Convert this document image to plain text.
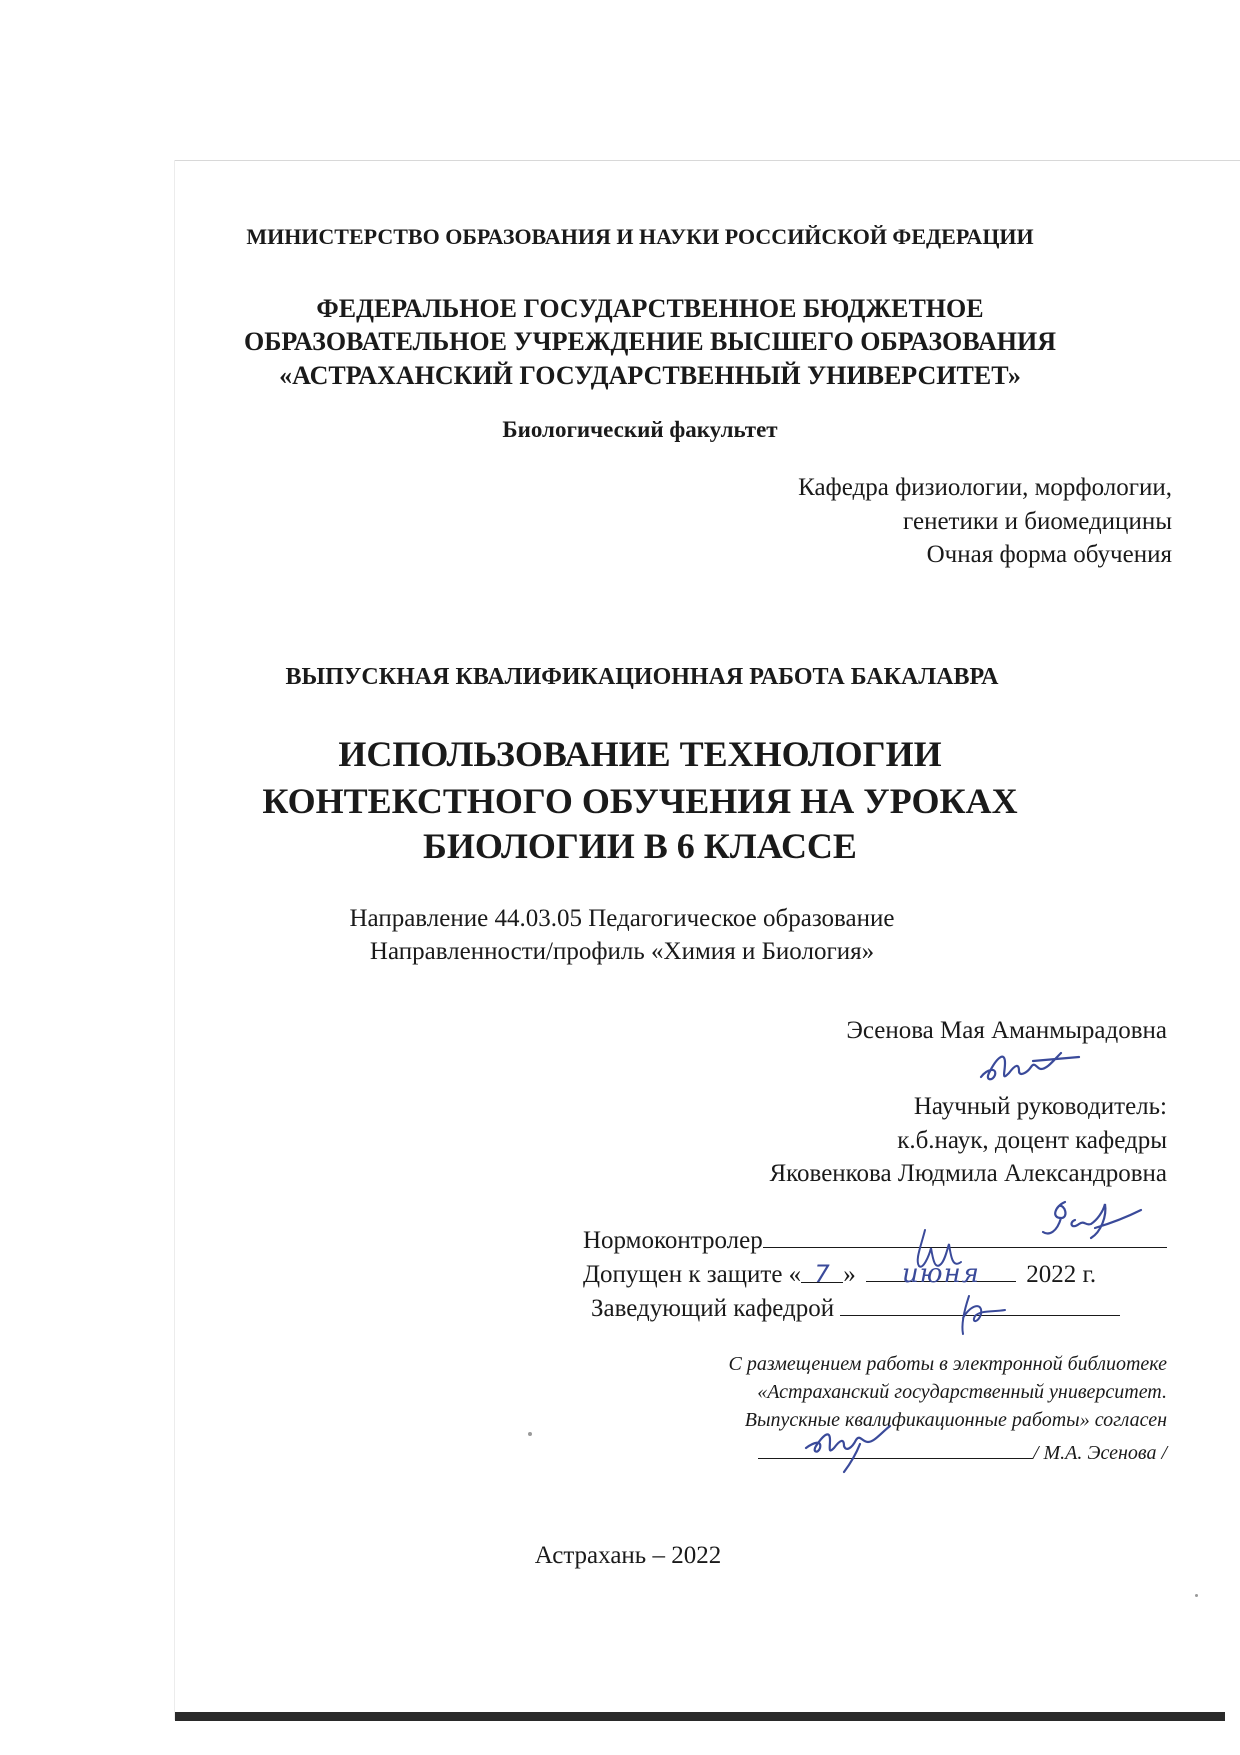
МИНИСТЕРСТВО ОБРАЗОВАНИЯ И НАУКИ РОССИЙСКОЙ ФЕДЕРАЦИИ
ФЕДЕРАЛЬНОЕ ГОСУДАРСТВЕННОЕ БЮДЖЕТНОЕ
ОБРАЗОВАТЕЛЬНОЕ УЧРЕЖДЕНИЕ ВЫСШЕГО ОБРАЗОВАНИЯ
«АСТРАХАНСКИЙ ГОСУДАРСТВЕННЫЙ УНИВЕРСИТЕТ»
Биологический факультет
Кафедра физиологии, морфологии,
генетики и биомедицины
Очная форма обучения
ВЫПУСКНАЯ КВАЛИФИКАЦИОННАЯ РАБОТА БАКАЛАВРА
ИСПОЛЬЗОВАНИЕ ТЕХНОЛОГИИ
КОНТЕКСТНОГО ОБУЧЕНИЯ НА УРОКАХ
БИОЛОГИИ В 6 КЛАССЕ
Направление 44.03.05 Педагогическое образование
Направленности/профиль «Химия и Биология»
Эсенова Мая Аманмырадовна
Научный руководитель:
к.б.наук, доцент кафедры
Яковенкова Людмила Александровна
Нормоконтролер
Допущен к защите « 7 » июня 2022 г.
Заведующий кафедрой
С размещением работы в электронной библиотеке
«Астраханский государственный университет.
Выпускные квалификационные работы» согласен
/ М.А. Эсенова /
Астрахань – 2022
